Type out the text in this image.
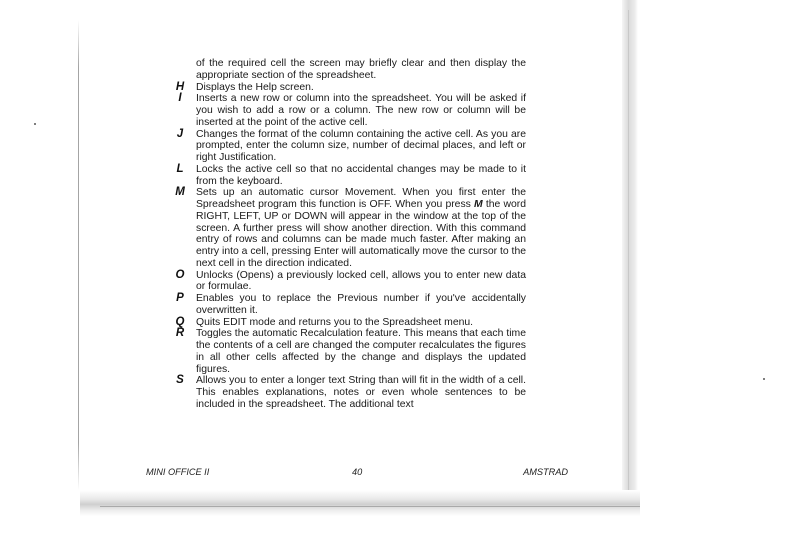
of the required cell the screen may briefly clear and then display the appropriate section of the spreadsheet.

H	Displays the Help screen.
I	Inserts a new row or column into the spreadsheet. You will be asked if you wish to add a row or a column. The new row or column will be inserted at the point of the active cell.
J	Changes the format of the column containing the active cell. As you are prompted, enter the column size, number of decimal places, and left or right Justification.
L	Locks the active cell so that no accidental changes may be made to it from the keyboard.
M	Sets up an automatic cursor Movement. When you first enter the Spreadsheet program this function is OFF. When you press M the word RIGHT, LEFT, UP or DOWN will appear in the window at the top of the screen. A further press will show another direction. With this command entry of rows and columns can be made much faster. After making an entry into a cell, pressing Enter will automatically move the cursor to the next cell in the direction indicated.
O	Unlocks (Opens) a previously locked cell, allows you to enter new data or formulae.
P	Enables you to replace the Previous number if you've accidentally overwritten it.
Q	Quits EDIT mode and returns you to the Spreadsheet menu.
R	Toggles the automatic Recalculation feature. This means that each time the contents of a cell are changed the computer recalculates the figures in all other cells affected by the change and displays the updated figures.
S	Allows you to enter a longer text String than will fit in the width of a cell. This enables explanations, notes or even whole sentences to be included in the spreadsheet. The additional text
MINI OFFICE II	40	AMSTRAD
